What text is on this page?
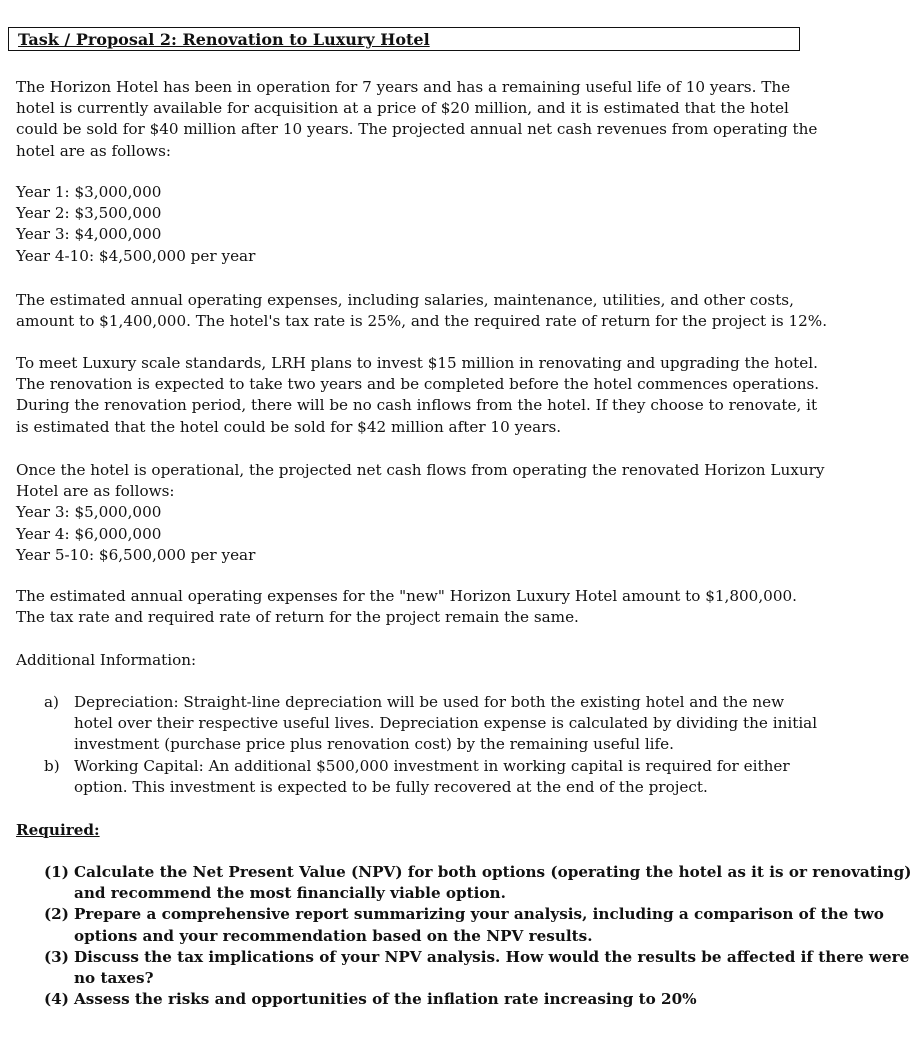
Task / Proposal 2: Renovation to Luxury Hotel
The Horizon Hotel has been in operation for 7 years and has a remaining useful life of 10 years. The
hotel is currently available for acquisition at a price of $20 million, and it is estimated that the hotel
could be sold for $40 million after 10 years. The projected annual net cash revenues from operating the
hotel are as follows:
Year 1: $3,000,000
Year 2: $3,500,000
Year 3: $4,000,000
Year 4-10: $4,500,000 per year
The estimated annual operating expenses, including salaries, maintenance, utilities, and other costs,
amount to $1,400,000. The hotel's tax rate is 25%, and the required rate of return for the project is 12%.
To meet Luxury scale standards, LRH plans to invest $15 million in renovating and upgrading the hotel.
The renovation is expected to take two years and be completed before the hotel commences operations.
During the renovation period, there will be no cash inflows from the hotel. If they choose to renovate, it
is estimated that the hotel could be sold for $42 million after 10 years.
Once the hotel is operational, the projected net cash flows from operating the renovated Horizon Luxury
Hotel are as follows:
Year 3: $5,000,000
Year 4: $6,000,000
Year 5-10: $6,500,000 per year
The estimated annual operating expenses for the "new" Horizon Luxury Hotel amount to $1,800,000.
The tax rate and required rate of return for the project remain the same.
Additional Information:
a) Depreciation: Straight-line depreciation will be used for both the existing hotel and the new
hotel over their respective useful lives. Depreciation expense is calculated by dividing the initial
investment (purchase price plus renovation cost) by the remaining useful life.
b) Working Capital: An additional $500,000 investment in working capital is required for either
option. This investment is expected to be fully recovered at the end of the project.
Required:
(1) Calculate the Net Present Value (NPV) for both options (operating the hotel as it is or renovating)
and recommend the most financially viable option.
(2) Prepare a comprehensive report summarizing your analysis, including a comparison of the two
options and your recommendation based on the NPV results.
(3) Discuss the tax implications of your NPV analysis. How would the results be affected if there were
no taxes?
(4) Assess the risks and opportunities of the inflation rate increasing to 20%
